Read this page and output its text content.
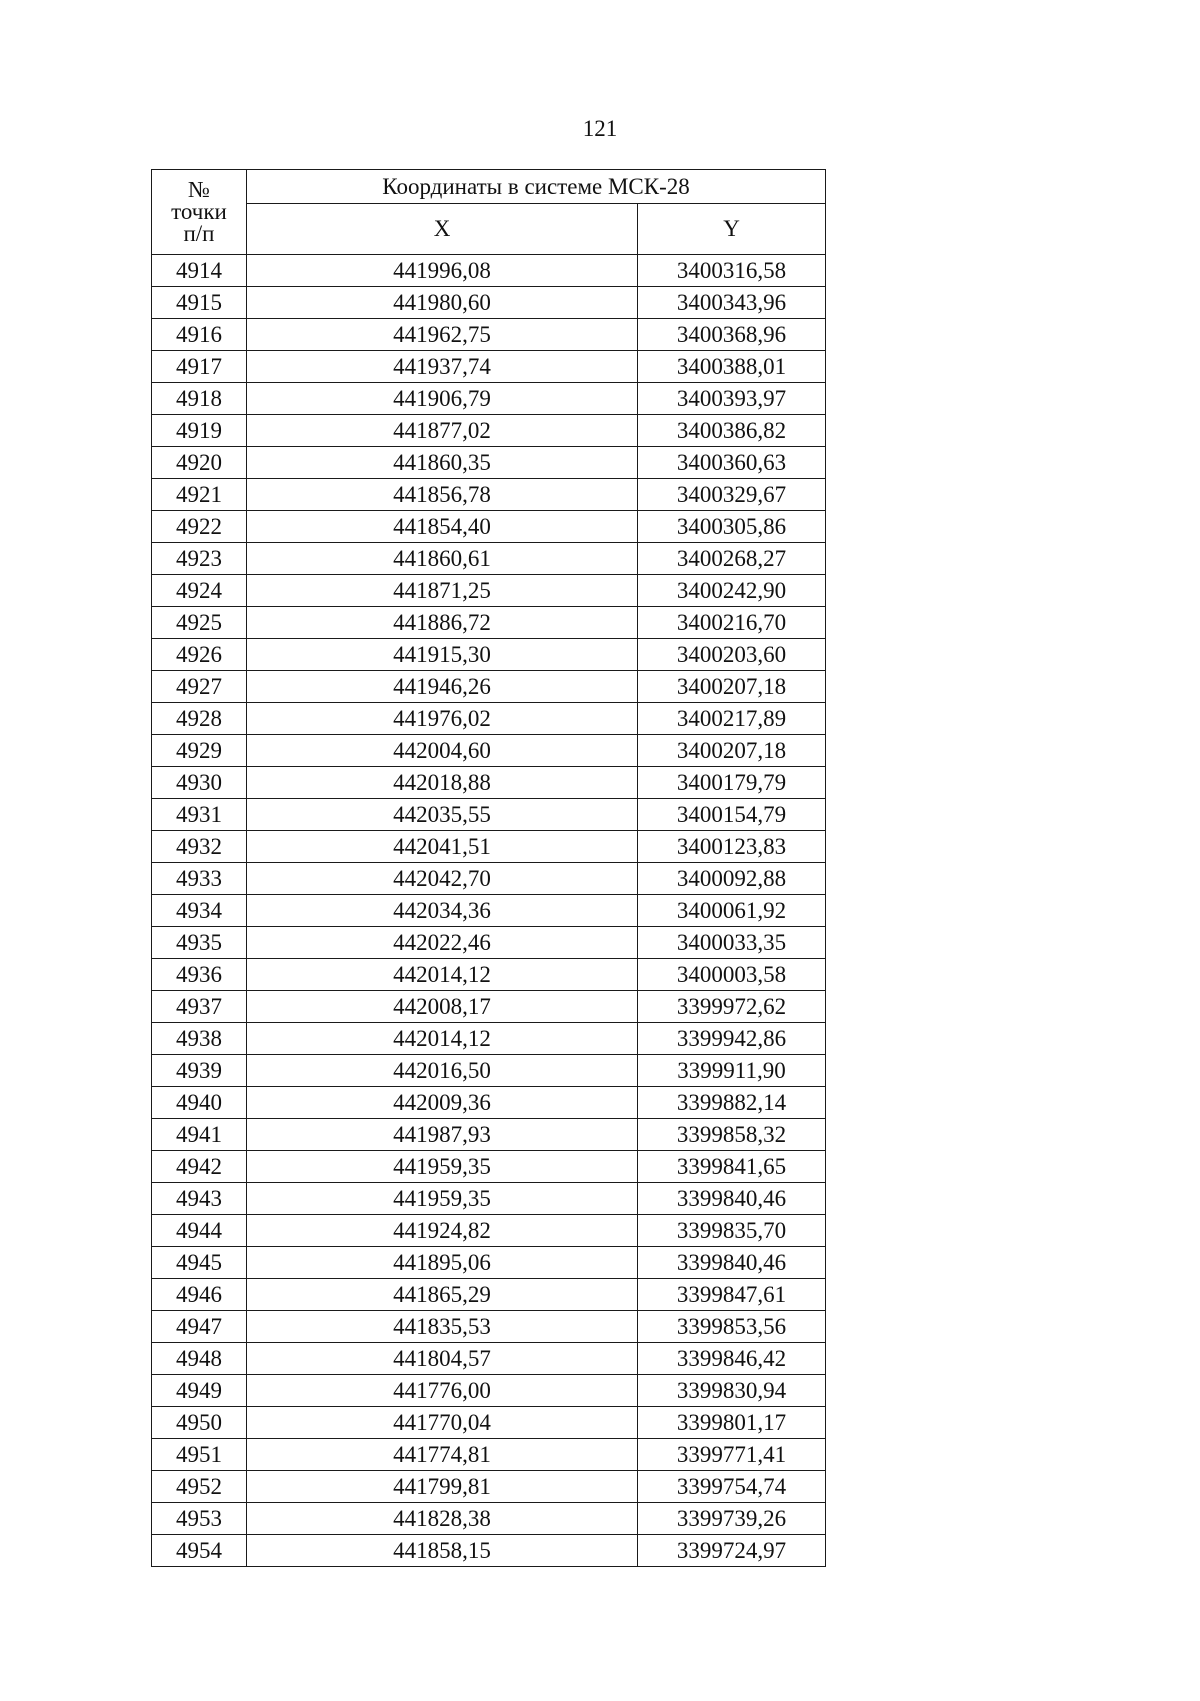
121
№
точки
п/п	Координаты в системе МСК-28	
	X	Y
4914	441996,08	3400316,58
4915	441980,60	3400343,96
4916	441962,75	3400368,96
4917	441937,74	3400388,01
4918	441906,79	3400393,97
4919	441877,02	3400386,82
4920	441860,35	3400360,63
4921	441856,78	3400329,67
4922	441854,40	3400305,86
4923	441860,61	3400268,27
4924	441871,25	3400242,90
4925	441886,72	3400216,70
4926	441915,30	3400203,60
4927	441946,26	3400207,18
4928	441976,02	3400217,89
4929	442004,60	3400207,18
4930	442018,88	3400179,79
4931	442035,55	3400154,79
4932	442041,51	3400123,83
4933	442042,70	3400092,88
4934	442034,36	3400061,92
4935	442022,46	3400033,35
4936	442014,12	3400003,58
4937	442008,17	3399972,62
4938	442014,12	3399942,86
4939	442016,50	3399911,90
4940	442009,36	3399882,14
4941	441987,93	3399858,32
4942	441959,35	3399841,65
4943	441959,35	3399840,46
4944	441924,82	3399835,70
4945	441895,06	3399840,46
4946	441865,29	3399847,61
4947	441835,53	3399853,56
4948	441804,57	3399846,42
4949	441776,00	3399830,94
4950	441770,04	3399801,17
4951	441774,81	3399771,41
4952	441799,81	3399754,74
4953	441828,38	3399739,26
4954	441858,15	3399724,97
